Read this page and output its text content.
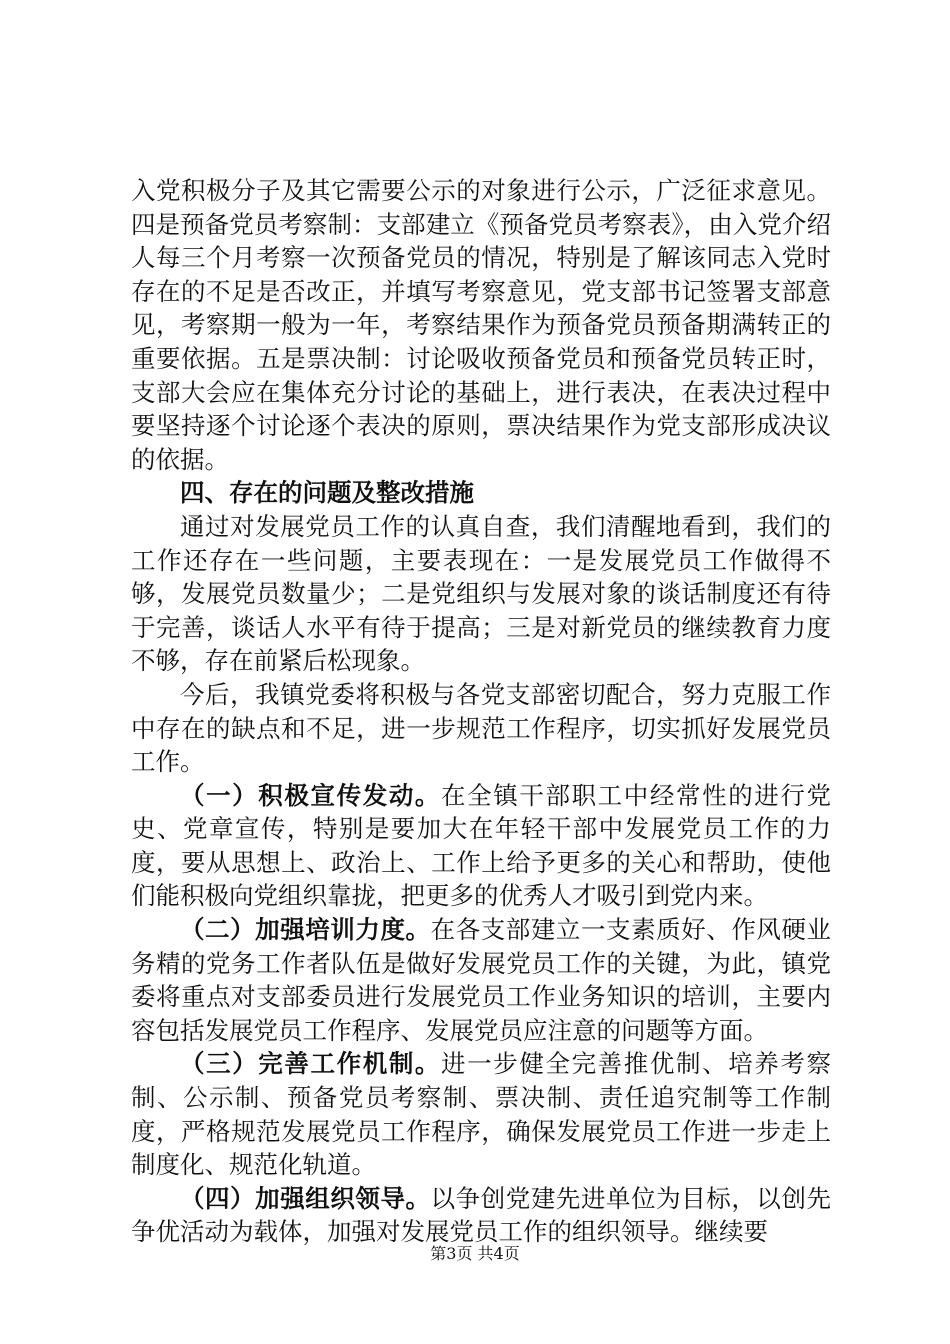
入党积极分子及其它需要公示的对象进行公示，广泛征求意见。四是预备党员考察制：支部建立《预备党员考察表》，由入党介绍人每三个月考察一次预备党员的情况，特别是了解该同志入党时存在的不足是否改正，并填写考察意见，党支部书记签署支部意见，考察期一般为一年，考察结果作为预备党员预备期满转正的重要依据。五是票决制：讨论吸收预备党员和预备党员转正时，支部大会应在集体充分讨论的基础上，进行表决，在表决过程中要坚持逐个讨论逐个表决的原则，票决结果作为党支部形成决议的依据。

四、存在的问题及整改措施

通过对发展党员工作的认真自查，我们清醒地看到，我们的工作还存在一些问题，主要表现在：一是发展党员工作做得不够，发展党员数量少；二是党组织与发展对象的谈话制度还有待于完善，谈话人水平有待于提高；三是对新党员的继续教育力度不够，存在前紧后松现象。

今后，我镇党委将积极与各党支部密切配合，努力克服工作中存在的缺点和不足，进一步规范工作程序，切实抓好发展党员工作。

（一）积极宣传发动。在全镇干部职工中经常性的进行党史、党章宣传，特别是要加大在年轻干部中发展党员工作的力度，要从思想上、政治上、工作上给予更多的关心和帮助，使他们能积极向党组织靠拢，把更多的优秀人才吸引到党内来。

（二）加强培训力度。在各支部建立一支素质好、作风硬业务精的党务工作者队伍是做好发展党员工作的关键，为此，镇党委将重点对支部委员进行发展党员工作业务知识的培训，主要内容包括发展党员工作程序、发展党员应注意的问题等方面。

（三）完善工作机制。进一步健全完善推优制、培养考察制、公示制、预备党员考察制、票决制、责任追究制等工作制度，严格规范发展党员工作程序，确保发展党员工作进一步走上制度化、规范化轨道。

（四）加强组织领导。以争创党建先进单位为目标，以创先争优活动为载体，加强对发展党员工作的组织领导。继续要

第3页 共4页
